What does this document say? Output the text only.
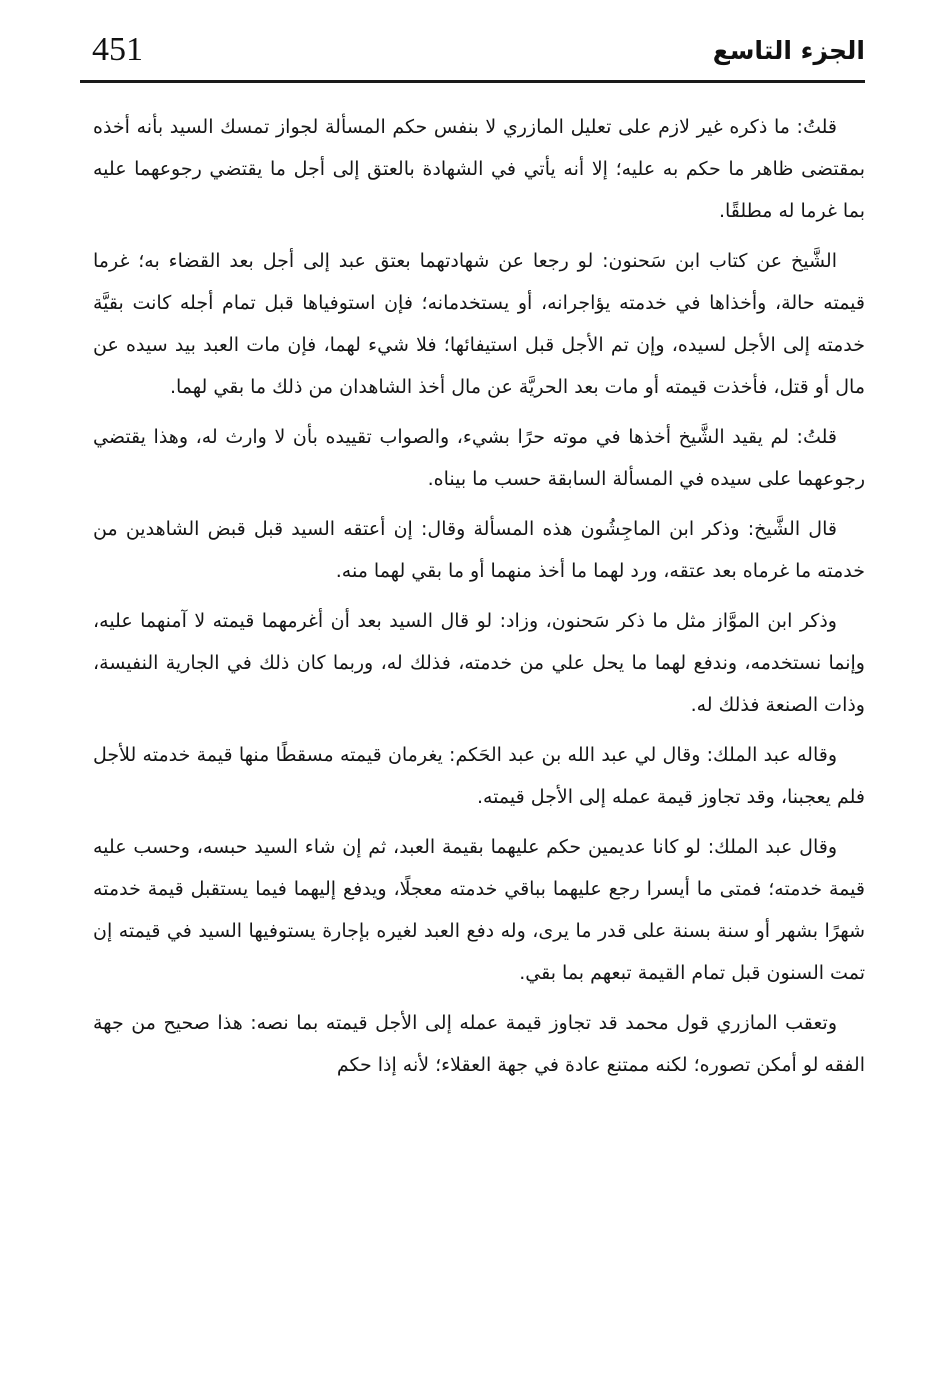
451	الجزء التاسع

قلتُ: ما ذكره غير لازم على تعليل المازري لا بنفس حكم المسألة لجواز تمسك السيد بأنه أخذه بمقتضى ظاهر ما حكم به عليه؛ إلا أنه يأتي في الشهادة بالعتق إلى أجل ما يقتضي رجوعهما عليه بما غرما له مطلقًا.

الشَّيخ عن كتاب ابن سَحنون: لو رجعا عن شهادتهما بعتق عبد إلى أجل بعد القضاء به؛ غرما قيمته حالة، وأخذاها في خدمته يؤاجرانه، أو يستخدمانه؛ فإن استوفياها قبل تمام أجله كانت بقيَّة خدمته إلى الأجل لسيده، وإن تم الأجل قبل استيفائها؛ فلا شيء لهما، فإن مات العبد بيد سيده عن مال أو قتل، فأخذت قيمته أو مات بعد الحريَّة عن مال أخذ الشاهدان من ذلك ما بقي لهما.

قلتُ: لم يقيد الشَّيخ أخذها في موته حرًا بشيء، والصواب تقييده بأن لا وارث له، وهذا يقتضي رجوعهما على سيده في المسألة السابقة حسب ما بيناه.

قال الشَّيخ: وذكر ابن الماجِشُون هذه المسألة وقال: إن أعتقه السيد قبل قبض الشاهدين من خدمته ما غرماه بعد عتقه، ورد لهما ما أخذ منهما أو ما بقي لهما منه.

وذكر ابن الموَّاز مثل ما ذكر سَحنون، وزاد: لو قال السيد بعد أن أغرمهما قيمته لا آمنهما عليه، وإنما نستخدمه، وندفع لهما ما يحل علي من خدمته، فذلك له، وربما كان ذلك في الجارية النفيسة، وذات الصنعة فذلك له.

وقاله عبد الملك: وقال لي عبد الله بن عبد الحَكم: يغرمان قيمته مسقطًا منها قيمة خدمته للأجل فلم يعجبنا، وقد تجاوز قيمة عمله إلى الأجل قيمته.

وقال عبد الملك: لو كانا عديمين حكم عليهما بقيمة العبد، ثم إن شاء السيد حبسه، وحسب عليه قيمة خدمته؛ فمتى ما أيسرا رجع عليهما بباقي خدمته معجلًا، ويدفع إليهما فيما يستقبل قيمة خدمته شهرًا بشهر أو سنة بسنة على قدر ما يرى، وله دفع العبد لغيره بإجارة يستوفيها السيد في قيمته إن تمت السنون قبل تمام القيمة تبعهم بما بقي.

وتعقب المازري قول محمد قد تجاوز قيمة عمله إلى الأجل قيمته بما نصه: هذا صحيح من جهة الفقه لو أمكن تصوره؛ لكنه ممتنع عادة في جهة العقلاء؛ لأنه إذا حكم
